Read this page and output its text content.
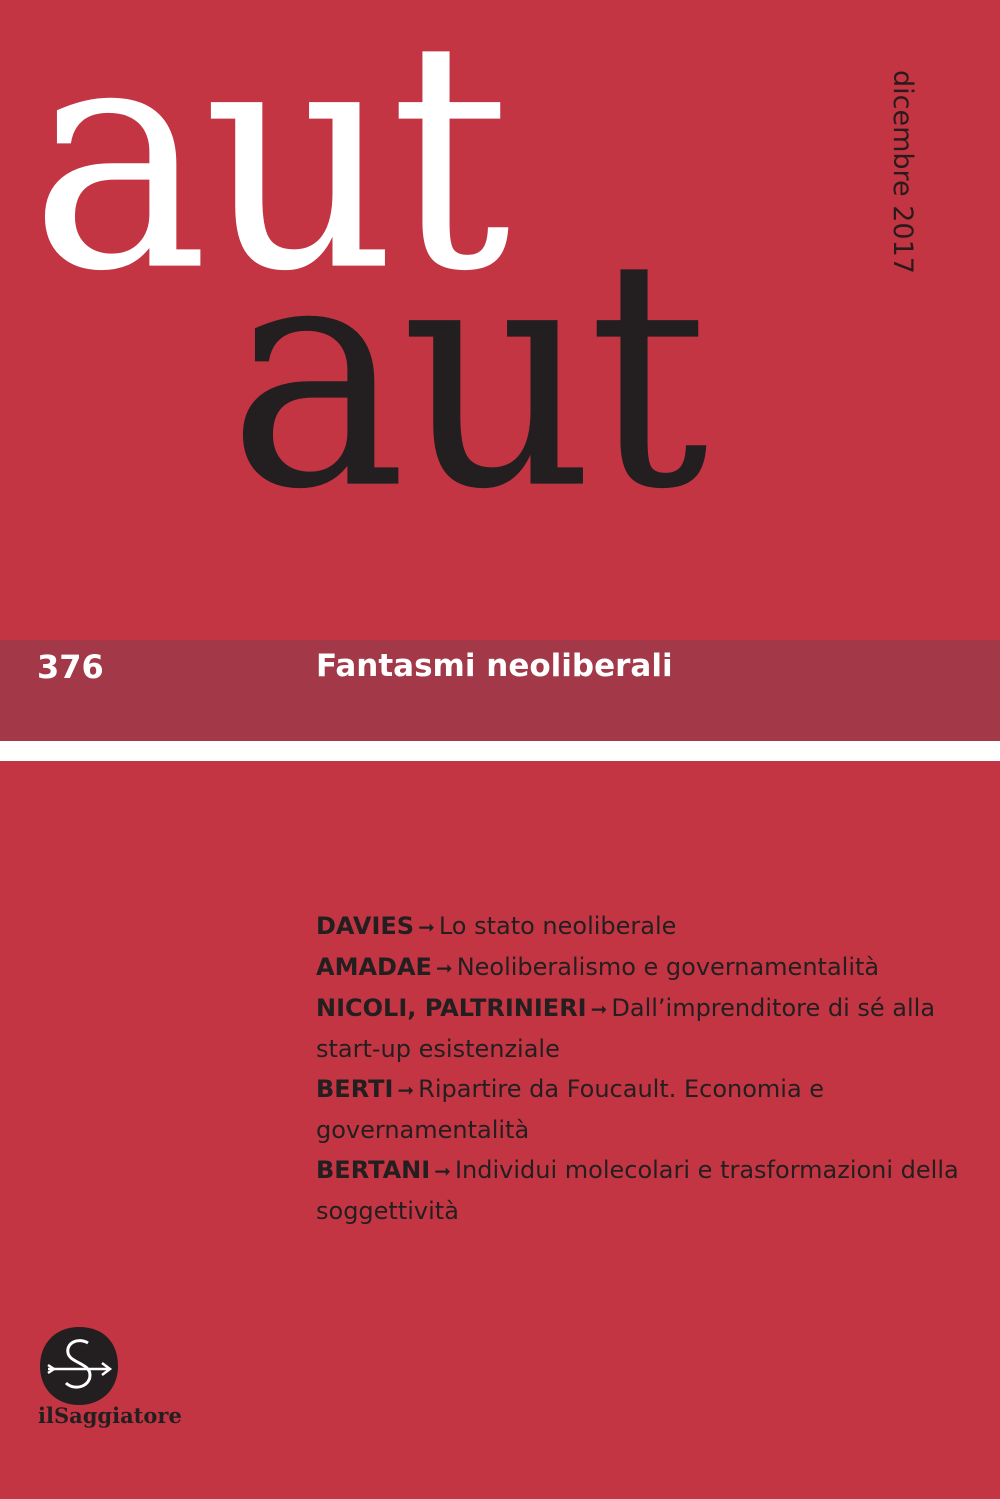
aut
aut
dicembre 2017
376	Fantasmi neoliberali

DAVIES ➞ Lo stato neoliberale

AMADAE ➞ Neoliberalismo e governamentalità

NICOLI, PALTRINIERI ➞ Dall’imprenditore di sé alla start-up esistenziale

BERTI ➞ Ripartire da Foucault. Economia e governamentalità

BERTANI ➞ Individui molecolari e trasformazioni della soggettività

ilSaggiatore
